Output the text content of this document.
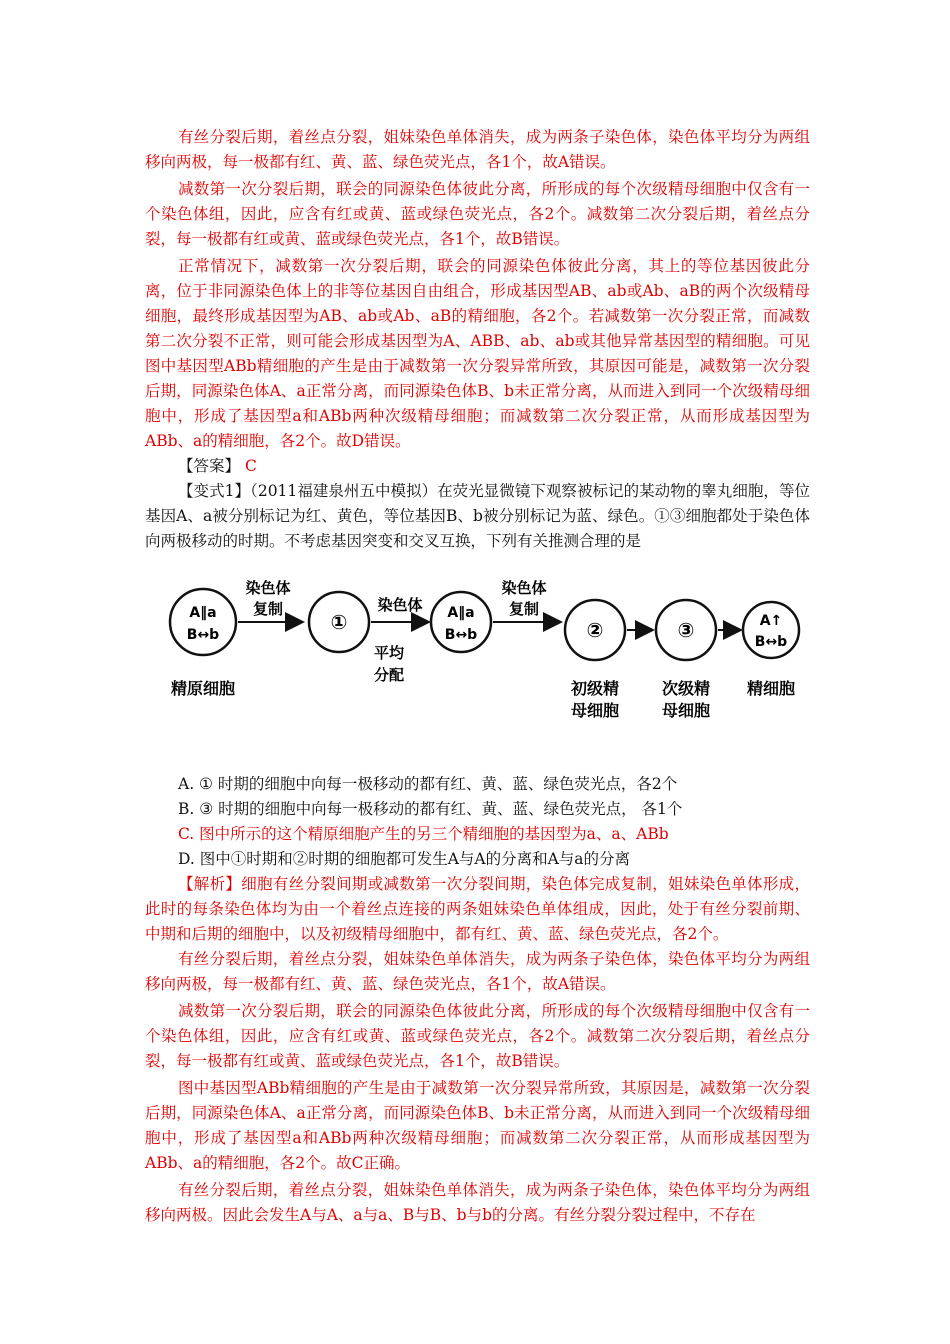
有丝分裂后期，着丝点分裂，姐妹染色单体消失，成为两条子染色体，染色体平均分为两组移向两极，每一极都有红、黄、蓝、绿色荧光点，各1个，故A错误。

减数第一次分裂后期，联会的同源染色体彼此分离，所形成的每个次级精母细胞中仅含有一个染色体组，因此，应含有红或黄、蓝或绿色荧光点，各2个。减数第二次分裂后期，着丝点分裂，每一极都有红或黄、蓝或绿色荧光点，各1个，故B错误。

正常情况下，减数第一次分裂后期，联会的同源染色体彼此分离，其上的等位基因彼此分离，位于非同源染色体上的非等位基因自由组合，形成基因型AB、ab或Ab、aB的两个次级精母细胞，最终形成基因型为AB、ab或Ab、aB的精细胞，各2个。若减数第一次分裂正常，而减数第二次分裂不正常，则可能会形成基因型为A、ABB、ab、ab或其他异常基因型的精细胞。可见图中基因型ABb精细胞的产生是由于减数第一次分裂异常所致，其原因可能是，减数第一次分裂后期，同源染色体A、a正常分离，而同源染色体B、b未正常分离，从而进入到同一个次级精母细胞中，形成了基因型a和ABb两种次级精母细胞；而减数第二次分裂正常，从而形成基因型为ABb、a的精细胞，各2个。故D错误。

【答案】 C

【变式1】（2011福建泉州五中模拟）在荧光显微镜下观察被标记的某动物的睾丸细胞，等位基因A、a被分别标记为红、黄色，等位基因B、b被分别标记为蓝、绿色。①③细胞都处于染色体向两极移动的时期。不考虑基因突变和交叉互换，下列有关推测合理的是

A‖a
B↔b
染色体
复制
精原细胞
①
染色体
平均
分配
A‖a
B↔b
染色体
复制
②
初级精
母细胞
③
次级精
母细胞
A↑
B↔b
精细胞

A. ① 时期的细胞中向每一极移动的都有红、黄、蓝、绿色荧光点，各2个

B. ③ 时期的细胞中向每一极移动的都有红、黄、蓝、绿色荧光点， 各1个

C. 图中所示的这个精原细胞产生的另三个精细胞的基因型为a、a、ABb

D. 图中①时期和②时期的细胞都可发生A与A的分离和A与a的分离

【解析】细胞有丝分裂间期或减数第一次分裂间期，染色体完成复制，姐妹染色单体形成，此时的每条染色体均为由一个着丝点连接的两条姐妹染色单体组成，因此，处于有丝分裂前期、中期和后期的细胞中，以及初级精母细胞中，都有红、黄、蓝、绿色荧光点，各2个。

有丝分裂后期，着丝点分裂，姐妹染色单体消失，成为两条子染色体，染色体平均分为两组移向两极，每一极都有红、黄、蓝、绿色荧光点，各1个，故A错误。

减数第一次分裂后期，联会的同源染色体彼此分离，所形成的每个次级精母细胞中仅含有一个染色体组，因此，应含有红或黄、蓝或绿色荧光点，各2个。减数第二次分裂后期，着丝点分裂，每一极都有红或黄、蓝或绿色荧光点，各1个，故B错误。

图中基因型ABb精细胞的产生是由于减数第一次分裂异常所致，其原因是，减数第一次分裂后期，同源染色体A、a正常分离，而同源染色体B、b未正常分离，从而进入到同一个次级精母细胞中，形成了基因型a和ABb两种次级精母细胞；而减数第二次分裂正常，从而形成基因型为ABb、a的精细胞，各2个。故C正确。

有丝分裂后期，着丝点分裂，姐妹染色单体消失，成为两条子染色体，染色体平均分为两组移向两极。因此会发生A与A、a与a、B与B、b与b的分离。有丝分裂分裂过程中，不存在
